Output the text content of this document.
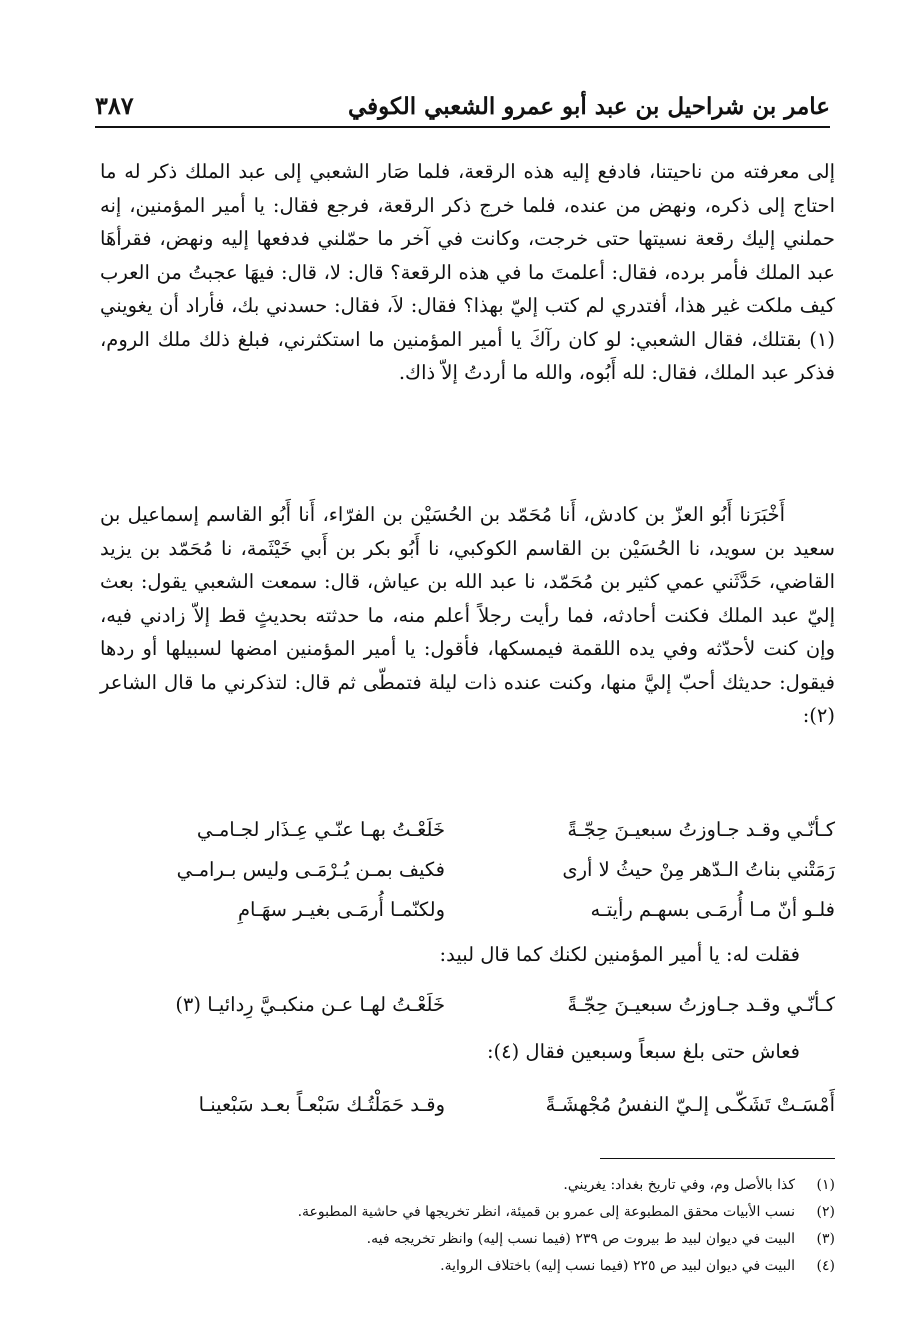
عامر بن شراحيل بن عبد أبو عمرو الشعبي الكوفي
٣٨٧
إلى معرفته من ناحيتنا، فادفع إليه هذه الرقعة، فلما صَار الشعبي إلى عبد الملك ذكر له ما احتاج إلى ذكره، ونهض من عنده، فلما خرج ذكر الرقعة، فرجع فقال: يا أمير المؤمنين، إنه حملني إليك رقعة نسيتها حتى خرجت، وكانت في آخر ما حمّلني فدفعها إليه ونهض، فقرأهَا عبد الملك فأمر برده، فقال: أعلمتَ ما في هذه الرقعة؟ قال: لا، قال: فيهَا عجبتُ من العرب كيف ملكت غير هذا، أفتدري لم كتب إليّ بهذا؟ فقال: لاَ، فقال: حسدني بك، فأراد أن يغويني (١) بقتلك، فقال الشعبي: لو كان رآكَ يا أمير المؤمنين ما استكثرني، فبلغ ذلك ملك الروم، فذكر عبد الملك، فقال: لله أَبُوه، والله ما أردتُ إلاّ ذاك.
أَخْبَرَنا أَبُو العزّ بن كادش، أَنا مُحَمّد بن الحُسَيْن بن الفرّاء، أَنا أَبُو القاسم إسماعيل بن سعيد بن سويد، نا الحُسَيْن بن القاسم الكوكبي، نا أَبُو بكر بن أَبي خَيْثَمة، نا مُحَمّد بن يزيد القاضي، حَدَّثَني عمي كثير بن مُحَمّد، نا عبد الله بن عياش، قال: سمعت الشعبي يقول: بعث إليّ عبد الملك فكنت أحادثه، فما رأيت رجلاً أعلم منه، ما حدثته بحديثٍ قط إلاّ زادني فيه، وإن كنت لأحدّثه وفي يده اللقمة فيمسكها، فأقول: يا أمير المؤمنين امضها لسبيلها أو ردها فيقول: حديثك أحبّ إليَّ منها، وكنت عنده ذات ليلة فتمطّى ثم قال: لتذكرني ما قال الشاعر (٢):
كـأنّـي وقـد جـاوزتُ سبعيـنَ حِجّـةً
خَلَعْـتُ بهـا عنّـي عِـذَار لجـامـي
رَمَتْني بناتُ الـدّهر مِنْ حيثُ لا أرى
فكيف بمـن يُـرْمَـى وليس بـرامـي
فلـو أنّ مـا أُرمَـى بسهـم رأيتـه
ولكنّمـا أُرمَـى بغيـر سهَـامِ
فقلت له: يا أمير المؤمنين لكنك كما قال لبيد:
كـأنّـي وقـد جـاوزتُ سبعيـنَ حِجّـةً
خَلَعْـتُ لهـا عـن منكبـيَّ رِدائيـا (٣)
فعاش حتى بلغ سبعاً وسبعين فقال (٤):
أَمْسَـتْ تَشَكّـى إلـيّ النفسُ مُجْهشَـةً
وقـد حَمَلْتُـك سَبْعـاً بعـد سَبْعينـا
(١)
كذا بالأصل وم، وفي تاريخ بغداد: يغريني.
(٢)
نسب الأبيات محقق المطبوعة إلى عمرو بن قميئة، انظر تخريجها في حاشية المطبوعة.
(٣)
البيت في ديوان لبيد ط بيروت ص ٢٣٩ (فيما نسب إليه) وانظر تخريجه فيه.
(٤)
البيت في ديوان لبيد ص ٢٢٥ (فيما نسب إليه) باختلاف الرواية.
